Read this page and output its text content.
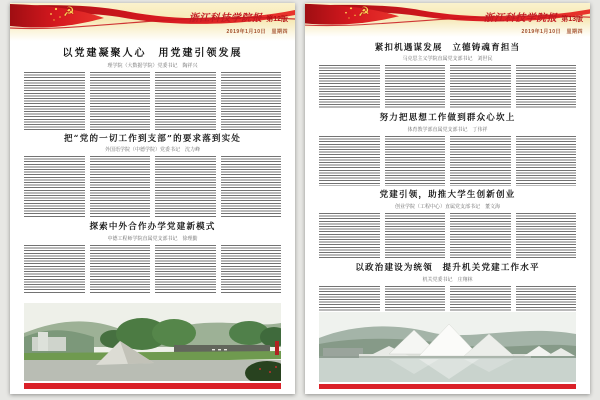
☭	浙江科技学院报 第12版
2019年1月10日　星期四
以党建凝聚人心　用党建引领发展
理学院（大数据学院）党委书记　陶祥兴
把“党的一切工作到支部”的要求落到实处
外国语学院（中德学院）党委书记　沈力峰
探索中外合作办学党建新模式
中德工程师学院直属党支部书记　徐理勤
☭	浙江科技学院报 第13版
2019年1月10日　星期四
紧扣机遇谋发展　立德铸魂育担当
马克思主义学院直属党支部书记　刘世民
努力把思想工作做到群众心坎上
体育教学部直属党支部书记　丁伟祥
党建引领，助推大学生创新创业
创业学院（工程中心）直属党支部书记　董文海
以政治建设为统领　提升机关党建工作水平
机关党委书记　庄翔林
